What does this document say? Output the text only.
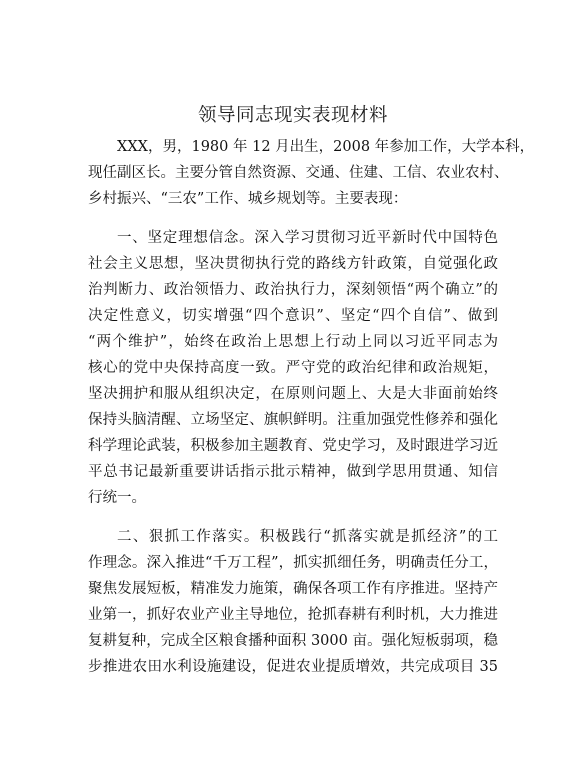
领导同志现实表现材料
XXX，男，1980 年 12 月出生，2008 年参加工作，大学本科，
现任副区长。主要分管自然资源、交通、住建、工信、农业农村、
乡村振兴、“三农”工作、城乡规划等。主要表现：
一、坚定理想信念。深入学习贯彻习近平新时代中国特色
社会主义思想，坚决贯彻执行党的路线方针政策，自觉强化政
治判断力、政治领悟力、政治执行力，深刻领悟“两个确立”的
决定性意义，切实增强“四个意识”、坚定“四个自信”、做到
“两个维护”，始终在政治上思想上行动上同以习近平同志为
核心的党中央保持高度一致。严守党的政治纪律和政治规矩，
坚决拥护和服从组织决定，在原则问题上、大是大非面前始终
保持头脑清醒、立场坚定、旗帜鲜明。注重加强党性修养和强化
科学理论武装，积极参加主题教育、党史学习，及时跟进学习近
平总书记最新重要讲话指示批示精神，做到学思用贯通、知信
行统一。
二、狠抓工作落实。积极践行“抓落实就是抓经济”的工
作理念。深入推进“千万工程”，抓实抓细任务，明确责任分工，
聚焦发展短板，精准发力施策，确保各项工作有序推进。坚持产
业第一，抓好农业产业主导地位，抢抓春耕有利时机，大力推进
复耕复种，完成全区粮食播种面积 3000 亩。强化短板弱项，稳
步推进农田水利设施建设，促进农业提质增效，共完成项目 35
